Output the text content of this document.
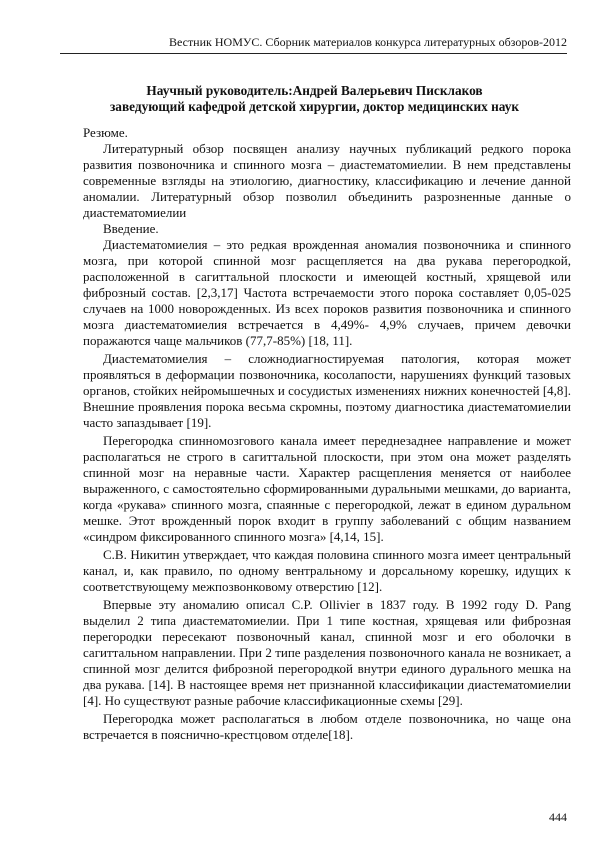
Вестник НОМУС. Сборник материалов конкурса литературных обзоров-2012
Научный руководитель:Андрей Валерьевич Писклаков
заведующий кафедрой детской хирургии, доктор медицинских наук

Резюме.

Литературный обзор посвящен анализу научных публикаций редкого порока развития позвоночника и спинного мозга – диастематомиелии. В нем представлены современные взгляды на этиологию, диагностику, классификацию и лечение данной аномалии. Литературный обзор позволил объединить разрозненные данные о диастематомиелии

Введение.

Диастематомиелия – это редкая врожденная аномалия позвоночника и спинного мозга, при которой спинной мозг расщепляется на два рукава перегородкой, расположенной в сагиттальной плоскости и имеющей костный, хрящевой или фиброзный состав. [2,3,17] Частота встречаемости этого порока составляет 0,05-025 случаев на 1000 новорожденных. Из всех пороков развития позвоночника и спинного мозга диастематомиелия встречается в 4,49%- 4,9% случаев, причем девочки поражаются чаще мальчиков (77,7-85%) [18, 11].

Диастематомиелия – сложнодиагностируемая патология, которая может проявляться в деформации позвоночника, косолапости, нарушениях функций тазовых органов, стойких нейромышечных и сосудистых изменениях нижних конечностей [4,8]. Внешние проявления порока весьма скромны, поэтому диагностика диастематомиелии часто запаздывает [19].

Перегородка спинномозгового канала имеет переднезаднее направление и может располагаться не строго в сагиттальной плоскости, при этом она может разделять спинной мозг на неравные части. Характер расщепления меняется от наиболее выраженного, с самостоятельно сформированными дуральными мешками, до варианта, когда «рукава» спинного мозга, спаянные с перегородкой, лежат в едином дуральном мешке. Этот врожденный порок входит в группу заболеваний с общим названием «синдром фиксированного спинного мозга» [4,14, 15].

С.В. Никитин утверждает, что каждая половина спинного мозга имеет центральный канал, и, как правило, по одному вентральному и дорсальному корешку, идущих к соответствующему межпозвонковому отверстию [12].

Впервые эту аномалию описал C.P. Ollivier в 1837 году. В 1992 году D. Pang выделил 2 типа диастематомиелии. При 1 типе костная, хрящевая или фиброзная перегородки пересекают позвоночный канал, спинной мозг и его оболочки в сагиттальном направлении. При 2 типе разделения позвоночного канала не возникает, а спинной мозг делится фиброзной перегородкой внутри единого дурального мешка на два рукава. [14]. В настоящее время нет признанной классификации диастематомиелии [4]. Но существуют разные рабочие классификационные схемы [29].

Перегородка может располагаться в любом отделе позвоночника, но чаще она встречается в пояснично-крестцовом отделе[18].

444
